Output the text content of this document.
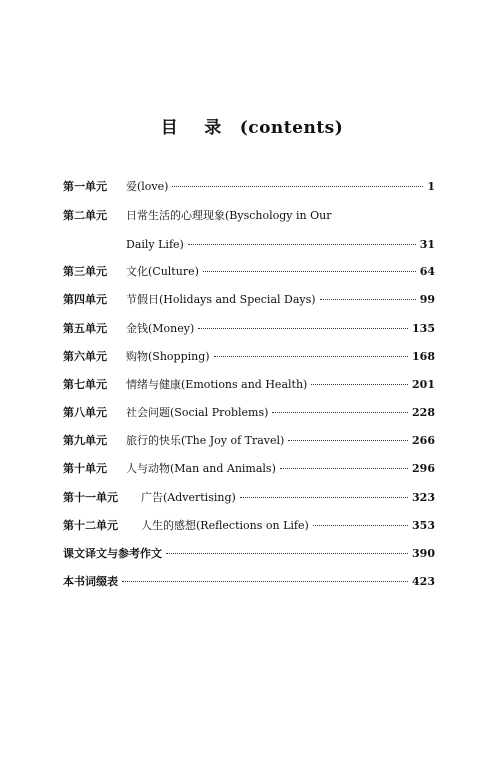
目 录 (contents)
第一单元	爱(love)	1
第二单元	日常生活的心理现象(Byschology in Our
Daily Life)	31
第三单元	文化(Culture)	64
第四单元	节假日(Holidays and Special Days)	99
第五单元	金钱(Money)	135
第六单元	购物(Shopping)	168
第七单元	情绪与健康(Emotions and Health)	201
第八单元	社会问题(Social Problems)	228
第九单元	旅行的快乐(The Joy of Travel)	266
第十单元	人与动物(Man and Animals)	296
第十一单元	广告(Advertising)	323
第十二单元	人生的感想(Reflections on Life)	353
课文译文与参考作文	390
本书词缀表	423
